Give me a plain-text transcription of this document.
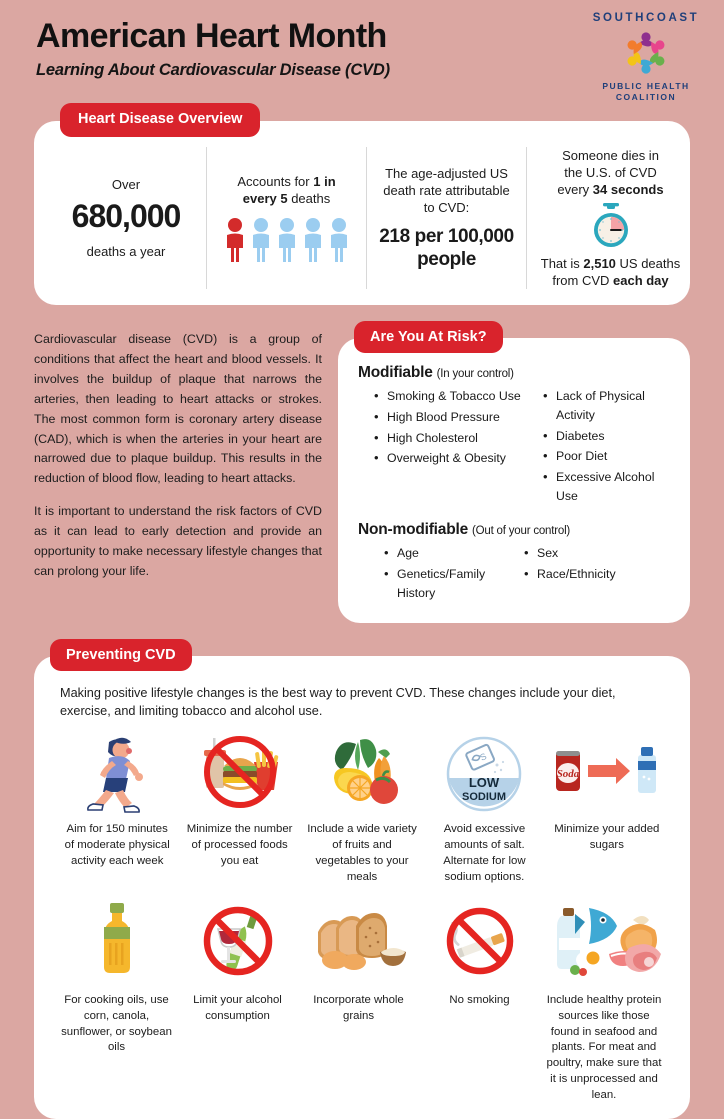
American Heart Month
Learning About Cardiovascular Disease (CVD)
SOUTHCOAST
PUBLIC HEALTH
COALITION
Heart Disease Overview
Over
680,000
deaths a year
Accounts for 1 in
every 5 deaths
The age-adjusted US death rate attributable to CVD:
218 per 100,000 people
Someone dies in
the U.S. of CVD
every 34 seconds
That is 2,510 US deaths
from CVD each day

Cardiovascular disease (CVD) is a group of conditions that affect the heart and blood vessels. It involves the buildup of plaque that narrows the arteries, then leading to heart attacks or strokes. The most common form is coronary artery disease (CAD), which is when the arteries in your heart are narrowed due to plaque buildup. This results in the reduction of blood flow, leading to heart attacks.

It is important to understand the risk factors of CVD as it can lead to early detection and provide an opportunity to make necessary lifestyle changes that can prolong your life.

Are You At Risk?
Modifiable (In your control)
• Smoking & Tobacco Use
• High Blood Pressure
• High Cholesterol
• Overweight & Obesity
• Lack of Physical Activity
• Diabetes
• Poor Diet
• Excessive Alcohol Use
Non-modifiable (Out of your control)
• Age
• Genetics/Family History
• Sex
• Race/Ethnicity
Preventing CVD
Making positive lifestyle changes is the best way to prevent CVD. These changes include your diet, exercise, and limiting tobacco and alcohol use.
Aim for 150 minutes of moderate physical activity each week
Minimize the number of processed foods you eat
Include a wide variety of fruits and vegetables to your meals
S
LOW
SODIUM
Avoid excessive amounts of salt. Alternate for low sodium options.
Soda
Minimize your added sugars
For cooking oils, use corn, canola, sunflower, or soybean oils
Limit your alcohol consumption
Incorporate whole grains
No smoking	Include healthy protein sources like those found in seafood and plants. For meat and poultry, make sure that it is unprocessed and lean.
